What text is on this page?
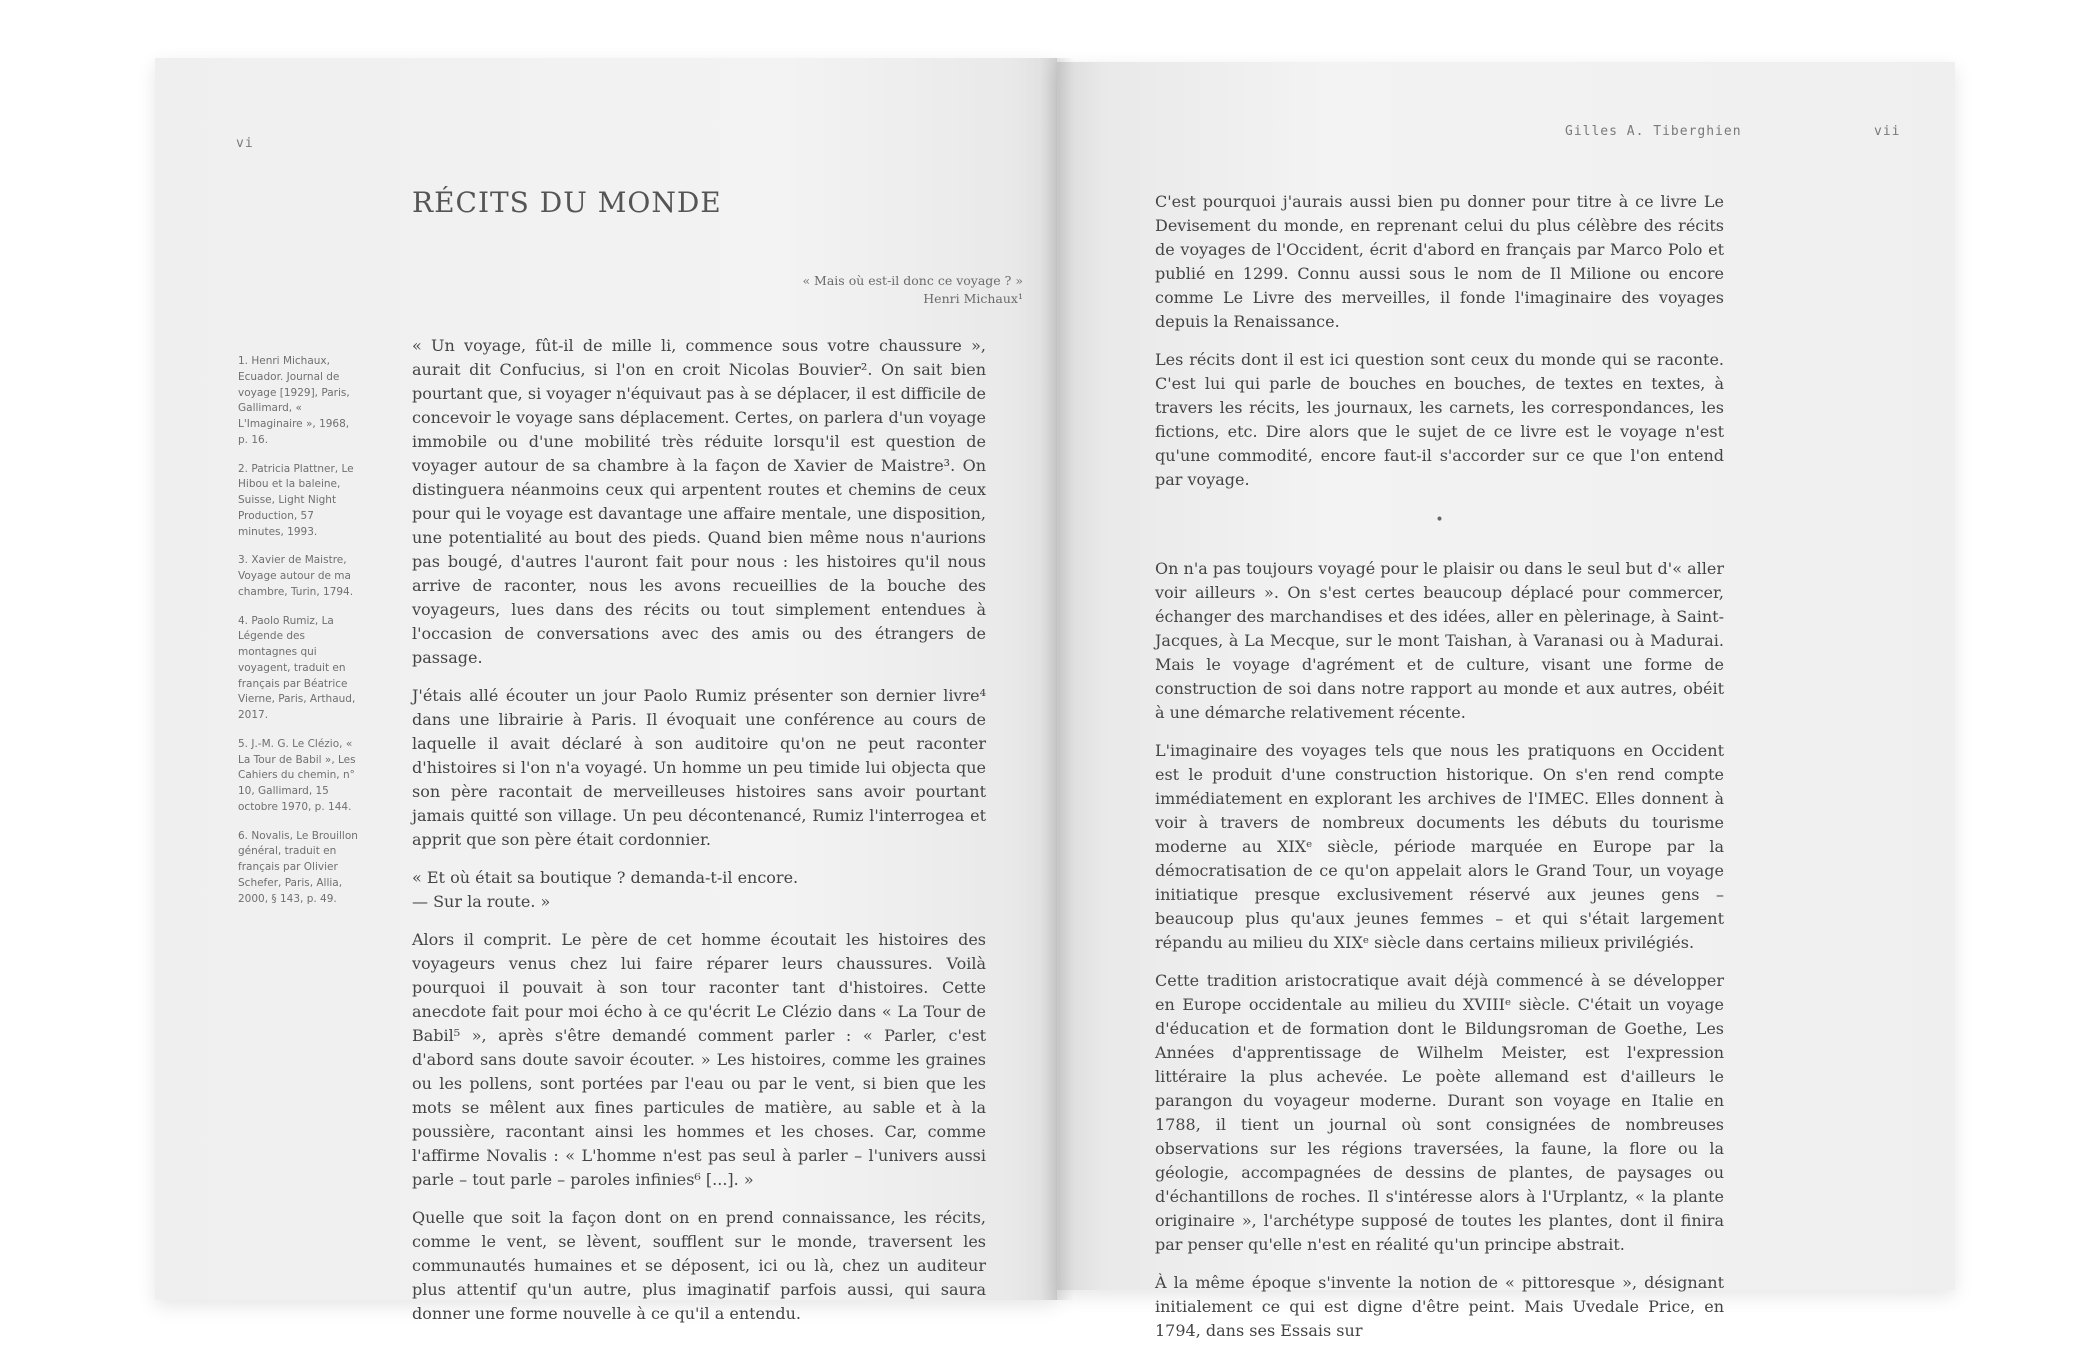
vi
RÉCITS DU MONDE
« Mais où est-il donc ce voyage ? »
Henri Michaux¹

1. Henri Michaux, Ecuador. Journal de voyage [1929], Paris, Gallimard, « L'Imaginaire », 1968, p. 16.

2. Patricia Plattner, Le Hibou et la baleine, Suisse, Light Night Production, 57 minutes, 1993.

3. Xavier de Maistre, Voyage autour de ma chambre, Turin, 1794.

4. Paolo Rumiz, La Légende des montagnes qui voyagent, traduit en français par Béatrice Vierne, Paris, Arthaud, 2017.

5. J.-M. G. Le Clézio, « La Tour de Babil », Les Cahiers du chemin, n° 10, Gallimard, 15 octobre 1970, p. 144.

6. Novalis, Le Brouillon général, traduit en français par Olivier Schefer, Paris, Allia, 2000, § 143, p. 49.

« Un voyage, fût-il de mille li, commence sous votre chaussure », aurait dit Confucius, si l'on en croit Nicolas Bouvier². On sait bien pourtant que, si voyager n'équivaut pas à se déplacer, il est difficile de concevoir le voyage sans déplacement. Certes, on parlera d'un voyage immobile ou d'une mobilité très réduite lorsqu'il est question de voyager autour de sa chambre à la façon de Xavier de Maistre³. On distinguera néanmoins ceux qui arpentent routes et chemins de ceux pour qui le voyage est davantage une affaire mentale, une disposition, une potentialité au bout des pieds. Quand bien même nous n'aurions pas bougé, d'autres l'auront fait pour nous : les histoires qu'il nous arrive de raconter, nous les avons recueillies de la bouche des voyageurs, lues dans des récits ou tout simplement entendues à l'occasion de conversations avec des amis ou des étrangers de passage.

J'étais allé écouter un jour Paolo Rumiz présenter son dernier livre⁴ dans une librairie à Paris. Il évoquait une conférence au cours de laquelle il avait déclaré à son auditoire qu'on ne peut raconter d'histoires si l'on n'a voyagé. Un homme un peu timide lui objecta que son père racontait de merveilleuses histoires sans avoir pourtant jamais quitté son village. Un peu décontenancé, Rumiz l'interrogea et apprit que son père était cordonnier.

« Et où était sa boutique ? demanda-t-il encore.
— Sur la route. »

Alors il comprit. Le père de cet homme écoutait les histoires des voyageurs venus chez lui faire réparer leurs chaussures. Voilà pourquoi il pouvait à son tour raconter tant d'histoires. Cette anecdote fait pour moi écho à ce qu'écrit Le Clézio dans « La Tour de Babil⁵ », après s'être demandé comment parler : « Parler, c'est d'abord sans doute savoir écouter. » Les histoires, comme les graines ou les pollens, sont portées par l'eau ou par le vent, si bien que les mots se mêlent aux fines particules de matière, au sable et à la poussière, racontant ainsi les hommes et les choses. Car, comme l'affirme Novalis : « L'homme n'est pas seul à parler – l'univers aussi parle – tout parle – paroles infinies⁶ [...]. »

Quelle que soit la façon dont on en prend connaissance, les récits, comme le vent, se lèvent, soufflent sur le monde, traversent les communautés humaines et se déposent, ici ou là, chez un auditeur plus attentif qu'un autre, plus imaginatif parfois aussi, qui saura donner une forme nouvelle à ce qu'il a entendu.

Gilles A. Tiberghien	vii

C'est pourquoi j'aurais aussi bien pu donner pour titre à ce livre Le Devisement du monde, en reprenant celui du plus célèbre des récits de voyages de l'Occident, écrit d'abord en français par Marco Polo et publié en 1299. Connu aussi sous le nom de Il Milione ou encore comme Le Livre des merveilles, il fonde l'imaginaire des voyages depuis la Renaissance.

Les récits dont il est ici question sont ceux du monde qui se raconte. C'est lui qui parle de bouches en bouches, de textes en textes, à travers les récits, les journaux, les carnets, les correspondances, les fictions, etc. Dire alors que le sujet de ce livre est le voyage n'est qu'une commodité, encore faut-il s'accorder sur ce que l'on entend par voyage.

•

On n'a pas toujours voyagé pour le plaisir ou dans le seul but d'« aller voir ailleurs ». On s'est certes beaucoup déplacé pour commercer, échanger des marchandises et des idées, aller en pèlerinage, à Saint-Jacques, à La Mecque, sur le mont Taishan, à Varanasi ou à Madurai. Mais le voyage d'agrément et de culture, visant une forme de construction de soi dans notre rapport au monde et aux autres, obéit à une démarche relativement récente.

L'imaginaire des voyages tels que nous les pratiquons en Occident est le produit d'une construction historique. On s'en rend compte immédiatement en explorant les archives de l'IMEC. Elles donnent à voir à travers de nombreux documents les débuts du tourisme moderne au XIXᵉ siècle, période marquée en Europe par la démocratisation de ce qu'on appelait alors le Grand Tour, un voyage initiatique presque exclusivement réservé aux jeunes gens – beaucoup plus qu'aux jeunes femmes – et qui s'était largement répandu au milieu du XIXᵉ siècle dans certains milieux privilégiés.

Cette tradition aristocratique avait déjà commencé à se développer en Europe occidentale au milieu du XVIIIᵉ siècle. C'était un voyage d'éducation et de formation dont le Bildungsroman de Goethe, Les Années d'apprentissage de Wilhelm Meister, est l'expression littéraire la plus achevée. Le poète allemand est d'ailleurs le parangon du voyageur moderne. Durant son voyage en Italie en 1788, il tient un journal où sont consignées de nombreuses observations sur les régions traversées, la faune, la flore ou la géologie, accompagnées de dessins de plantes, de paysages ou d'échantillons de roches. Il s'intéresse alors à l'Urplantz, « la plante originaire », l'archétype supposé de toutes les plantes, dont il finira par penser qu'elle n'est en réalité qu'un principe abstrait.

À la même époque s'invente la notion de « pittoresque », désignant initialement ce qui est digne d'être peint. Mais Uvedale Price, en 1794, dans ses Essais sur
